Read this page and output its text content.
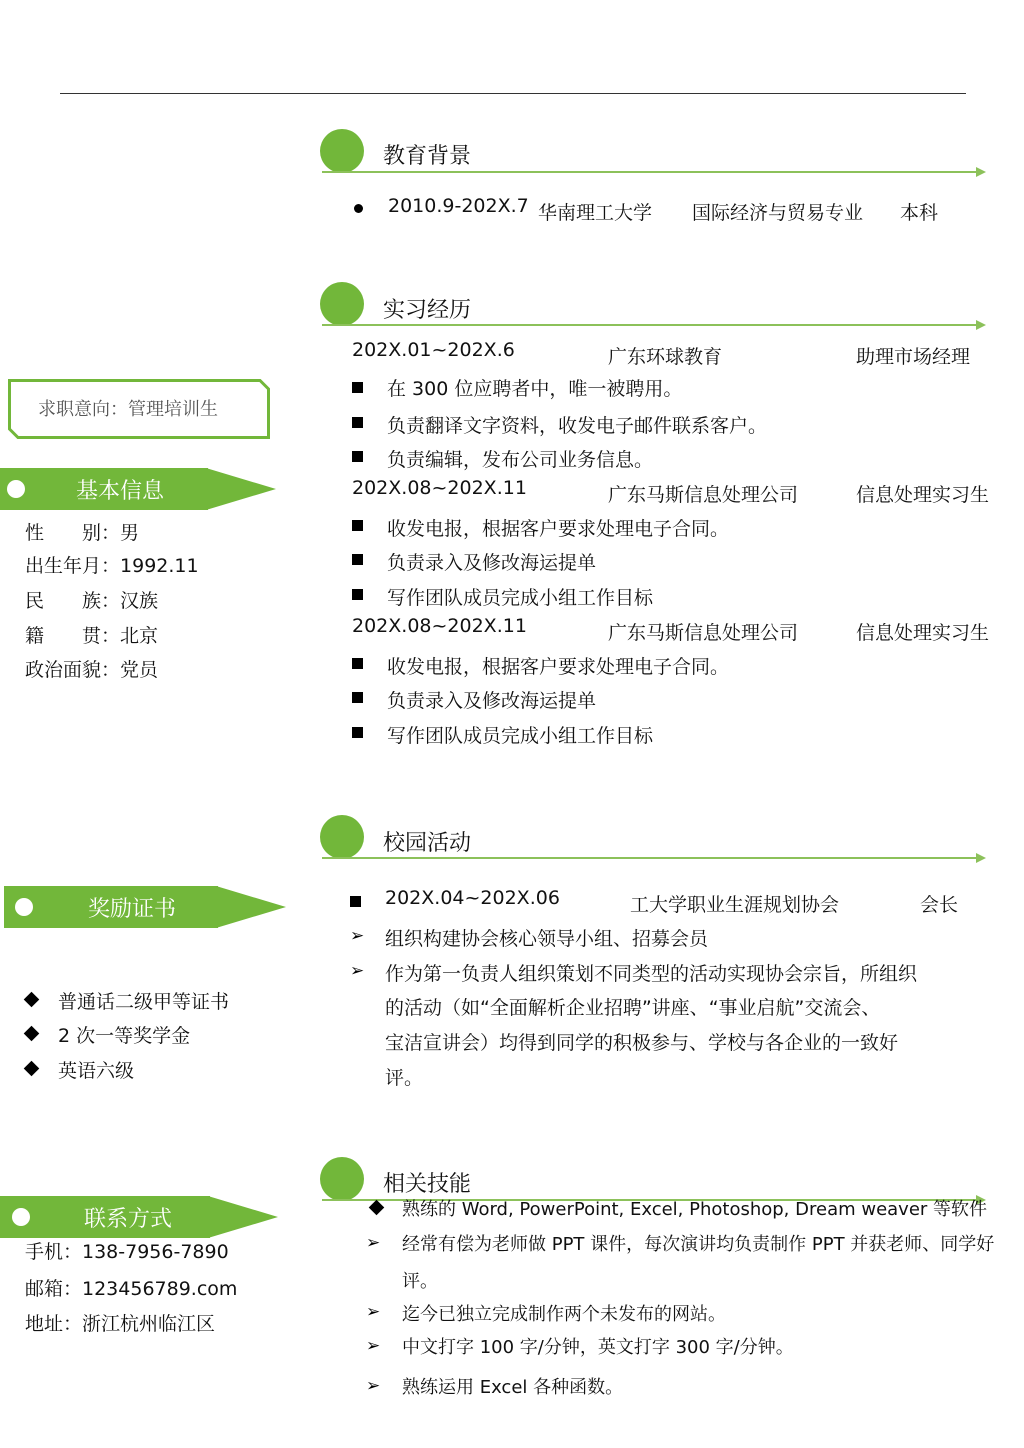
求职意向：管理培训生
基本信息
性　　别：男
出生年月：1992.11
民　　族：汉族
籍　　贯：北京
政治面貌：党员
奖励证书
普通话二级甲等证书
2 次一等奖学金
英语六级
联系方式
手机：138-7956-7890
邮箱：123456789.com
地址：浙江杭州临江区
教育背景
2010.9-202X.7 华南理工大学 国际经济与贸易专业 本科
实习经历
202X.01~202X.6	广东环球教育	助理市场经理
在 300 位应聘者中，唯一被聘用。
负责翻译文字资料，收发电子邮件联系客户。
负责编辑，发布公司业务信息。
202X.08~202X.11	广东马斯信息处理公司	信息处理实习生
收发电报，根据客户要求处理电子合同。
负责录入及修改海运提单
写作团队成员完成小组工作目标
202X.08~202X.11	广东马斯信息处理公司	信息处理实习生
收发电报，根据客户要求处理电子合同。
负责录入及修改海运提单
写作团队成员完成小组工作目标
校园活动
202X.04~202X.06	工大学职业生涯规划协会	会长
➢ 组织构建协会核心领导小组、招募会员
➢ 作为第一负责人组织策划不同类型的活动实现协会宗旨，所组织
的活动（如“全面解析企业招聘”讲座、“事业启航”交流会、
宝洁宣讲会）均得到同学的积极参与、学校与各企业的一致好
评。
相关技能
熟练的 Word, PowerPoint, Excel, Photoshop, Dream weaver 等软件
➢ 经常有偿为老师做 PPT 课件，每次演讲均负责制作 PPT 并获老师、同学好
评。
➢ 迄今已独立完成制作两个未发布的网站。
➢ 中文打字 100 字/分钟，英文打字 300 字/分钟。
➢ 熟练运用 Excel 各种函数。
